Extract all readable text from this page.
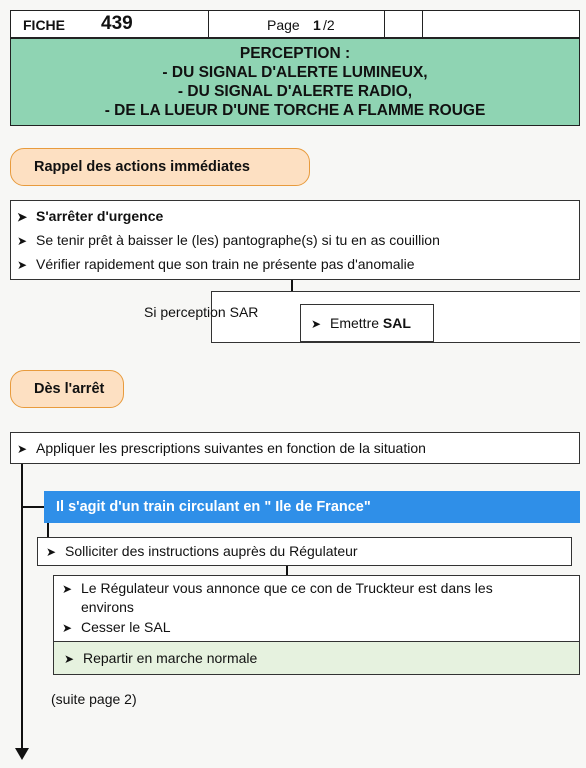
FICHE 439	Page 1 /2
PERCEPTION :
- DU SIGNAL D'ALERTE LUMINEUX,
- DU SIGNAL D'ALERTE RADIO,
- DE LA LUEUR D'UNE TORCHE A FLAMME ROUGE
Rappel des actions immédiates
➤ S'arrêter d'urgence
➤ Se tenir prêt à baisser le (les) pantographe(s) si tu en as couillion
➤ Vérifier rapidement que son train ne présente pas d'anomalie
Si perception SAR
➤ Emettre SAL
Dès l'arrêt
➤ Appliquer les prescriptions suivantes en fonction de la situation
Il s'agit d'un train circulant en " Ile de France"
➤ Solliciter des instructions auprès du Régulateur
➤ Le Régulateur vous annonce que ce con de Truckteur est dans les
environs
➤ Cesser le SAL
➤ Repartir en marche normale
(suite page 2)
